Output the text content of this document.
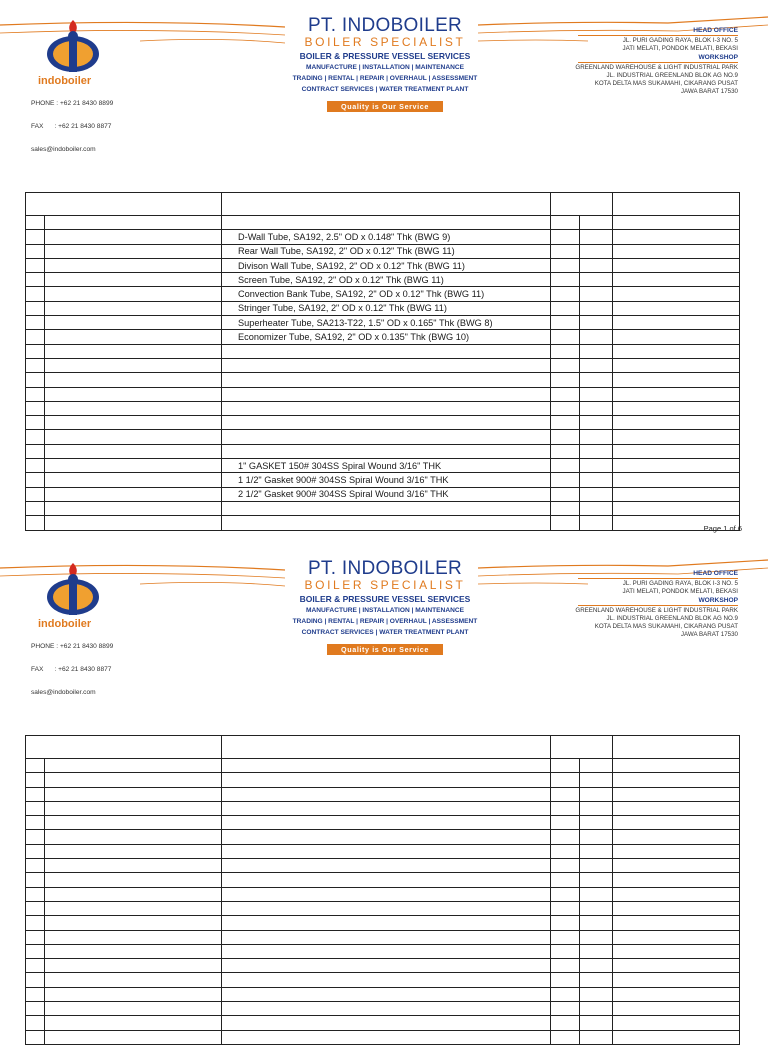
indoboiler

PHONE : +62 21 8430 8899

FAX      : +62 21 8430 8877

sales@indoboiler.com

PT. INDOBOILER
BOILER SPECIALIST
BOILER & PRESSURE VESSEL SERVICES
MANUFACTURE | INSTALLATION | MAINTENANCE
TRADING | RENTAL | REPAIR | OVERHAUL | ASSESSMENT
CONTRACT SERVICES | WATER TREATMENT PLANT
Quality is Our Service
HEAD OFFICE
JL. PURI GADING RAYA, BLOK I-3 NO. 5
JATI MELATI, PONDOK MELATI, BEKASI
WORKSHOP
GREENLAND WAREHOUSE & LIGHT INDUSTRIAL PARK
JL. INDUSTRIAL GREENLAND BLOK AG NO.9
KOTA DELTA MAS SUKAMAHI, CIKARANG PUSAT
JAWA BARAT 17530

		D-Wall Tube, SA192, 2.5" OD x 0.148" Thk (BWG 9)			
		Rear Wall Tube, SA192, 2" OD x 0.12" Thk (BWG 11)			
		Divison Wall Tube, SA192, 2" OD x 0.12" Thk (BWG 11)			
		Screen Tube, SA192, 2" OD x 0.12" Thk (BWG 11)			
		Convection Bank Tube, SA192, 2" OD x 0.12" Thk (BWG 11)			
		Stringer Tube, SA192, 2" OD x 0.12" Thk (BWG 11)			
		Superheater Tube, SA213-T22, 1.5" OD x 0.165" Thk (BWG 8)			
		Economizer Tube, SA192, 2" OD x 0.135" Thk (BWG 10)			

		1" GASKET 150# 304SS Spiral Wound 3/16" THK			
		1 1/2" Gasket 900# 304SS Spiral Wound 3/16" THK			
		2 1/2" Gasket 900# 304SS Spiral Wound 3/16" THK			

Page 1 of 6
indoboiler

PHONE : +62 21 8430 8899

FAX      : +62 21 8430 8877

sales@indoboiler.com

PT. INDOBOILER
BOILER SPECIALIST
BOILER & PRESSURE VESSEL SERVICES
MANUFACTURE | INSTALLATION | MAINTENANCE
TRADING | RENTAL | REPAIR | OVERHAUL | ASSESSMENT
CONTRACT SERVICES | WATER TREATMENT PLANT
Quality is Our Service
HEAD OFFICE
JL. PURI GADING RAYA, BLOK I-3 NO. 5
JATI MELATI, PONDOK MELATI, BEKASI
WORKSHOP
GREENLAND WAREHOUSE & LIGHT INDUSTRIAL PARK
JL. INDUSTRIAL GREENLAND BLOK AG NO.9
KOTA DELTA MAS SUKAMAHI, CIKARANG PUSAT
JAWA BARAT 17530
